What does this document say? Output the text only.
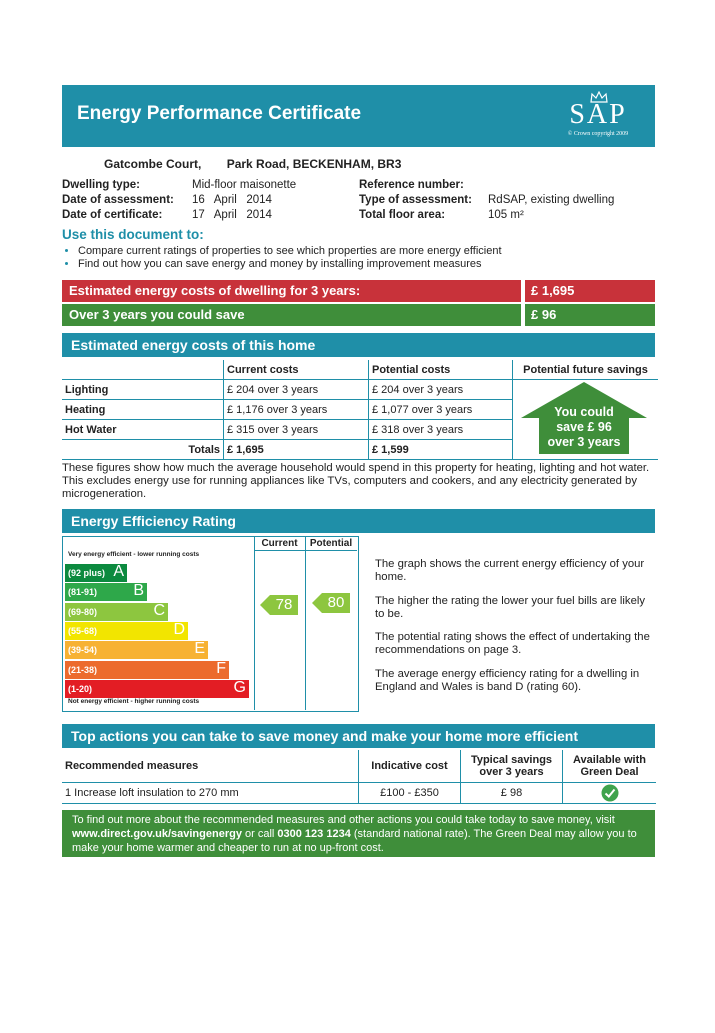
Energy Performance Certificate	SAP
© Crown copyright 2009
Gatcombe Court, Park Road, BECKENHAM, BR3
Dwelling type:	Mid-floor maisonette
Date of assessment: 16 April 2014
Date of certificate:	17 April 2014
Reference number:
Type of assessment: RdSAP, existing dwelling
Total floor area:	105 m²
Use this document to:
• Compare current ratings of properties to see which properties are more energy efficient
• Find out how you can save energy and money by installing improvement measures
Estimated energy costs of dwelling for 3 years:	£ 1,695
Over 3 years you could save	£ 96
Estimated energy costs of this home
	Current costs	Potential costs	Potential future savings
Lighting	£ 204 over 3 years	£ 204 over 3 years	You could
save £ 96
over 3 years

Heating	£ 1,176 over 3 years	£ 1,077 over 3 years	
Hot Water	£ 315 over 3 years	£ 318 over 3 years	
Totals	£ 1,695	£ 1,599	
These figures show how much the average household would spend in this property for heating, lighting and hot water. This excludes energy use for running appliances like TVs, computers and cookers, and any electricity generated by microgeneration.
Energy Efficiency Rating
Current	Potential
Very energy efficient - lower running costs
Not energy efficient - higher running costs
(92 plus) A
(81-91) B
(69-80)	C
(55-68)	D
(39-54)	E
(21-38)	F
(1-20)	G
78	80
The graph shows the current energy efficiency of your home.
The higher the rating the lower your fuel bills are likely to be.
The potential rating shows the effect of undertaking the recommendations on page 3.
The average energy efficiency rating for a dwelling in England and Wales is band D (rating 60).
Top actions you can take to save money and make your home more efficient
Recommended measures	Indicative cost	Typical savings over 3 years	Available with Green Deal
1 Increase loft insulation to 270 mm	£100 - £350	£ 98	
To find out more about the recommended measures and other actions you could take today to save money, visit www.direct.gov.uk/savingenergy or call 0300 123 1234 (standard national rate). The Green Deal may allow you to make your home warmer and cheaper to run at no up-front cost.
